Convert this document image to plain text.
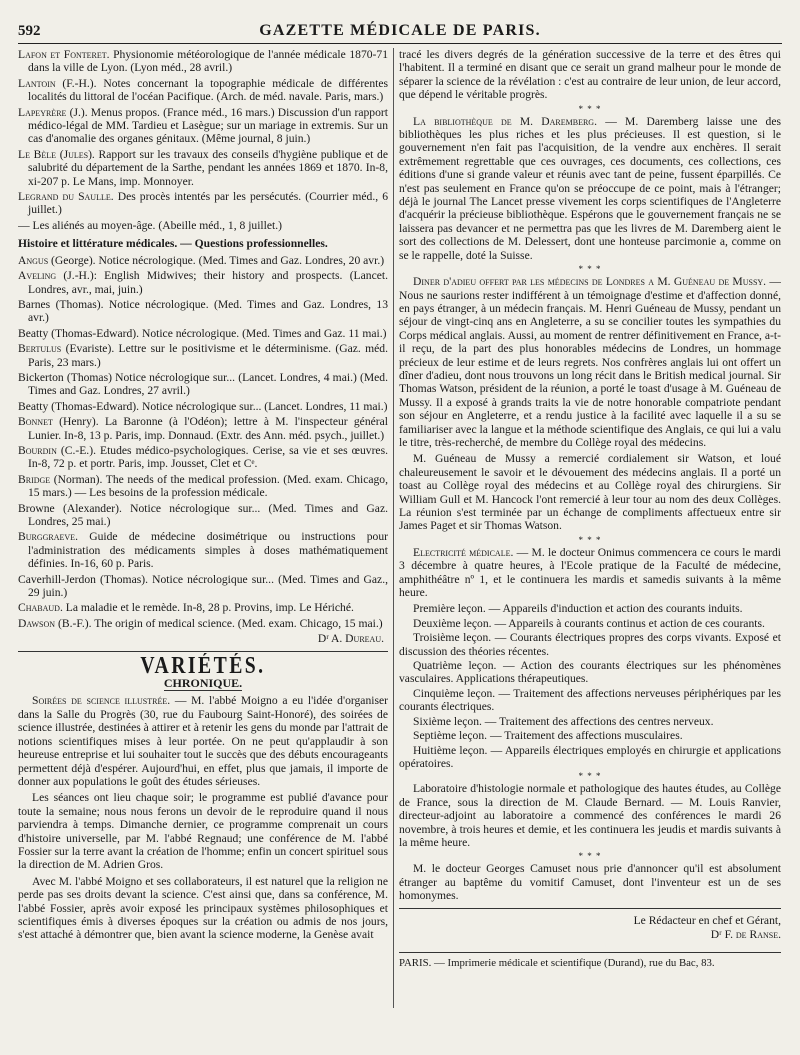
592	GAZETTE MÉDICALE DE PARIS.
Lafon et Fonteret. Physionomie météorologique de l'année médicale 1870-71 dans la ville de Lyon. (Lyon méd., 28 avril.)
Lantoin (F.-H.). Notes concernant la topographie médicale de différentes localités du littoral de l'océan Pacifique. (Arch. de méd. navale. Paris, mars.)
Lapeyrère (J.). Menus propos. (France méd., 16 mars.) Discussion d'un rapport médico-légal de MM. Tardieu et Lasègue; sur un mariage in extremis. Sur un cas d'anomalie des organes génitaux. (Même journal, 8 juin.)
Le Bèle (Jules). Rapport sur les travaux des conseils d'hygiène publique et de salubrité du département de la Sarthe, pendant les années 1869 et 1870. In-8, xi-207 p. Le Mans, imp. Monnoyer.
Legrand du Saulle. Des procès intentés par les persécutés. (Courrier méd., 6 juillet.)
— Les aliénés au moyen-âge. (Abeille méd., 1, 8 juillet.)
Histoire et littérature médicales. — Questions professionnelles.
Angus (George). Notice nécrologique. (Med. Times and Gaz. Londres, 20 avr.)
Aveling (J.-H.): English Midwives; their history and prospects. (Lancet. Londres, avr., mai, juin.)
Barnes (Thomas). Notice nécrologique. (Med. Times and Gaz. Londres, 13 avr.)
Beatty (Thomas-Edward). Notice nécrologique. (Med. Times and Gaz. 11 mai.)
Bertulus (Evariste). Lettre sur le positivisme et le déterminisme. (Gaz. méd. Paris, 23 mars.)
Bickerton (Thomas) Notice nécrologique sur... (Lancet. Londres, 4 mai.) (Med. Times and Gaz. Londres, 27 avril.)
Beatty (Thomas-Edward). Notice nécrologique sur... (Lancet. Londres, 11 mai.)
Bonnet (Henry). La Baronne (à l'Odéon); lettre à M. l'inspecteur général Lunier. In-8, 13 p. Paris, imp. Donnaud. (Extr. des Ann. méd. psych., juillet.)
Bourdin (C.-E.). Etudes médico-psychologiques. Cerise, sa vie et ses œuvres. In-8, 72 p. et portr. Paris, imp. Jousset, Clet et Cᵉ.
Bridge (Norman). The needs of the medical profession. (Med. exam. Chicago, 15 mars.) — Les besoins de la profession médicale.
Browne (Alexander). Notice nécrologique sur... (Med. Times and Gaz. Londres, 25 mai.)
Burggraeve. Guide de médecine dosimétrique ou instructions pour l'administration des médicaments simples à doses mathématiquement définies. In-16, 60 p. Paris.
Caverhill-Jerdon (Thomas). Notice nécrologique sur... (Med. Times and Gaz., 29 juin.)
Chabaud. La maladie et le remède. In-8, 28 p. Provins, imp. Le Hériché.
Dawson (B.-F.). The origin of medical science. (Med. exam. Chicago, 15 mai.)
Dʳ A. Dureau.
VARIÉTÉS.
CHRONIQUE.

Soirées de science illustrée. — M. l'abbé Moigno a eu l'idée d'organiser dans la Salle du Progrès (30, rue du Faubourg Saint-Honoré), des soirées de science illustrée, destinées à attirer et à retenir les gens du monde par l'attrait de notions scientifiques mises à leur portée. On ne peut qu'applaudir à son heureuse entreprise et lui souhaiter tout le succès que des débuts encourageants permettent déjà d'espérer. Aujourd'hui, en effet, plus que jamais, il importe de donner aux populations le goût des études sérieuses.

Les séances ont lieu chaque soir; le programme est publié d'avance pour toute la semaine; nous nous ferons un devoir de le reproduire quand il nous parviendra à temps. Dimanche dernier, ce programme comprenait un cours d'histoire universelle, par M. l'abbé Regnaud; une conférence de M. l'abbé Fossier sur la terre avant la création de l'homme; enfin un concert spirituel sous la direction de M. Adrien Gros.

Avec M. l'abbé Moigno et ses collaborateurs, il est naturel que la religion ne perde pas ses droits devant la science. C'est ainsi que, dans sa conférence, M. l'abbé Fossier, après avoir exposé les principaux systèmes philosophiques et scientifiques émis à diverses époques sur la création ou admis de nos jours, s'est attaché à démontrer que, bien avant la science moderne, la Genèse avait

tracé les divers degrés de la génération successive de la terre et des êtres qui l'habitent. Il a terminé en disant que ce serait un grand malheur pour le monde de séparer la science de la révélation : c'est au contraire de leur union, de leur accord, que dépend le véritable progrès.

* * *

La bibliothèque de M. Daremberg. — M. Daremberg laisse une des bibliothèques les plus riches et les plus précieuses. Il est question, si le gouvernement n'en fait pas l'acquisition, de la vendre aux enchères. Il serait extrêmement regrettable que ces ouvrages, ces documents, ces collections, ces éditions d'une si grande valeur et réunis avec tant de peine, fussent éparpillés. Ce n'est pas seulement en France qu'on se préoccupe de ce point, mais à l'étranger; déjà le journal The Lancet presse vivement les corps scientifiques de l'Angleterre d'acquérir la précieuse bibliothèque. Espérons que le gouvernement français ne se laissera pas devancer et ne permettra pas que les livres de M. Daremberg aient le sort des collections de M. Delessert, dont une honteuse parcimonie a, comme on se le rappelle, doté la Suisse.

* * *

Diner d'adieu offert par les médecins de Londres a M. Guéneau de Mussy. — Nous ne saurions rester indifférent à un témoignage d'estime et d'affection donné, en pays étranger, à un médecin français. M. Henri Guéneau de Mussy, pendant un séjour de vingt-cinq ans en Angleterre, a su se concilier toutes les sympathies du Corps médical anglais. Aussi, au moment de rentrer définitivement en France, a-t-il reçu, de la part des plus honorables médecins de Londres, un hommage précieux de leur estime et de leurs regrets. Nos confrères anglais lui ont offert un dîner d'adieu, dont nous trouvons un long récit dans le British medical journal. Sir Thomas Watson, président de la réunion, a porté le toast d'usage à M. Guéneau de Mussy. Il a exposé à grands traits la vie de notre honorable compatriote pendant son séjour en Angleterre, et a rendu justice à la facilité avec laquelle il a su se familiariser avec la langue et la méthode scientifique des Anglais, ce qui lui a valu le titre, très-recherché, de membre du Collège royal des médecins.

M. Guéneau de Mussy a remercié cordialement sir Watson, et loué chaleureusement le savoir et le dévouement des médecins anglais. Il a porté un toast au Collège royal des médecins et au Collège royal des chirurgiens. Sir William Gull et M. Hancock l'ont remercié à leur tour au nom des deux Collèges. La réunion s'est terminée par un échange de compliments affectueux entre sir James Paget et sir Thomas Watson.

* * *

Electricité médicale. — M. le docteur Onimus commencera ce cours le mardi 3 décembre à quatre heures, à l'Ecole pratique de la Faculté de médecine, amphithéâtre nº 1, et le continuera les mardis et samedis suivants à la même heure.

Première leçon. — Appareils d'induction et action des courants induits.

Deuxième leçon. — Appareils à courants continus et action de ces courants.

Troisième leçon. — Courants électriques propres des corps vivants. Exposé et discussion des théories récentes.

Quatrième leçon. — Action des courants électriques sur les phénomènes vasculaires. Applications thérapeutiques.

Cinquième leçon. — Traitement des affections nerveuses périphériques par les courants électriques.

Sixième leçon. — Traitement des affections des centres nerveux.

Septième leçon. — Traitement des affections musculaires.

Huitième leçon. — Appareils électriques employés en chirurgie et applications opératoires.

* * *

Laboratoire d'histologie normale et pathologique des hautes études, au Collège de France, sous la direction de M. Claude Bernard. — M. Louis Ranvier, directeur-adjoint au laboratoire a commencé des conférences le mardi 26 novembre, à trois heures et demie, et les continuera les jeudis et mardis suivants à la même heure.

* * *

M. le docteur Georges Camuset nous prie d'annoncer qu'il est absolument étranger au baptême du vomitif Camuset, dont l'inventeur est un de ses homonymes.

Le Rédacteur en chef et Gérant,
Dʳ F. de Ranse.
PARIS. — Imprimerie médicale et scientifique (Durand), rue du Bac, 83.
